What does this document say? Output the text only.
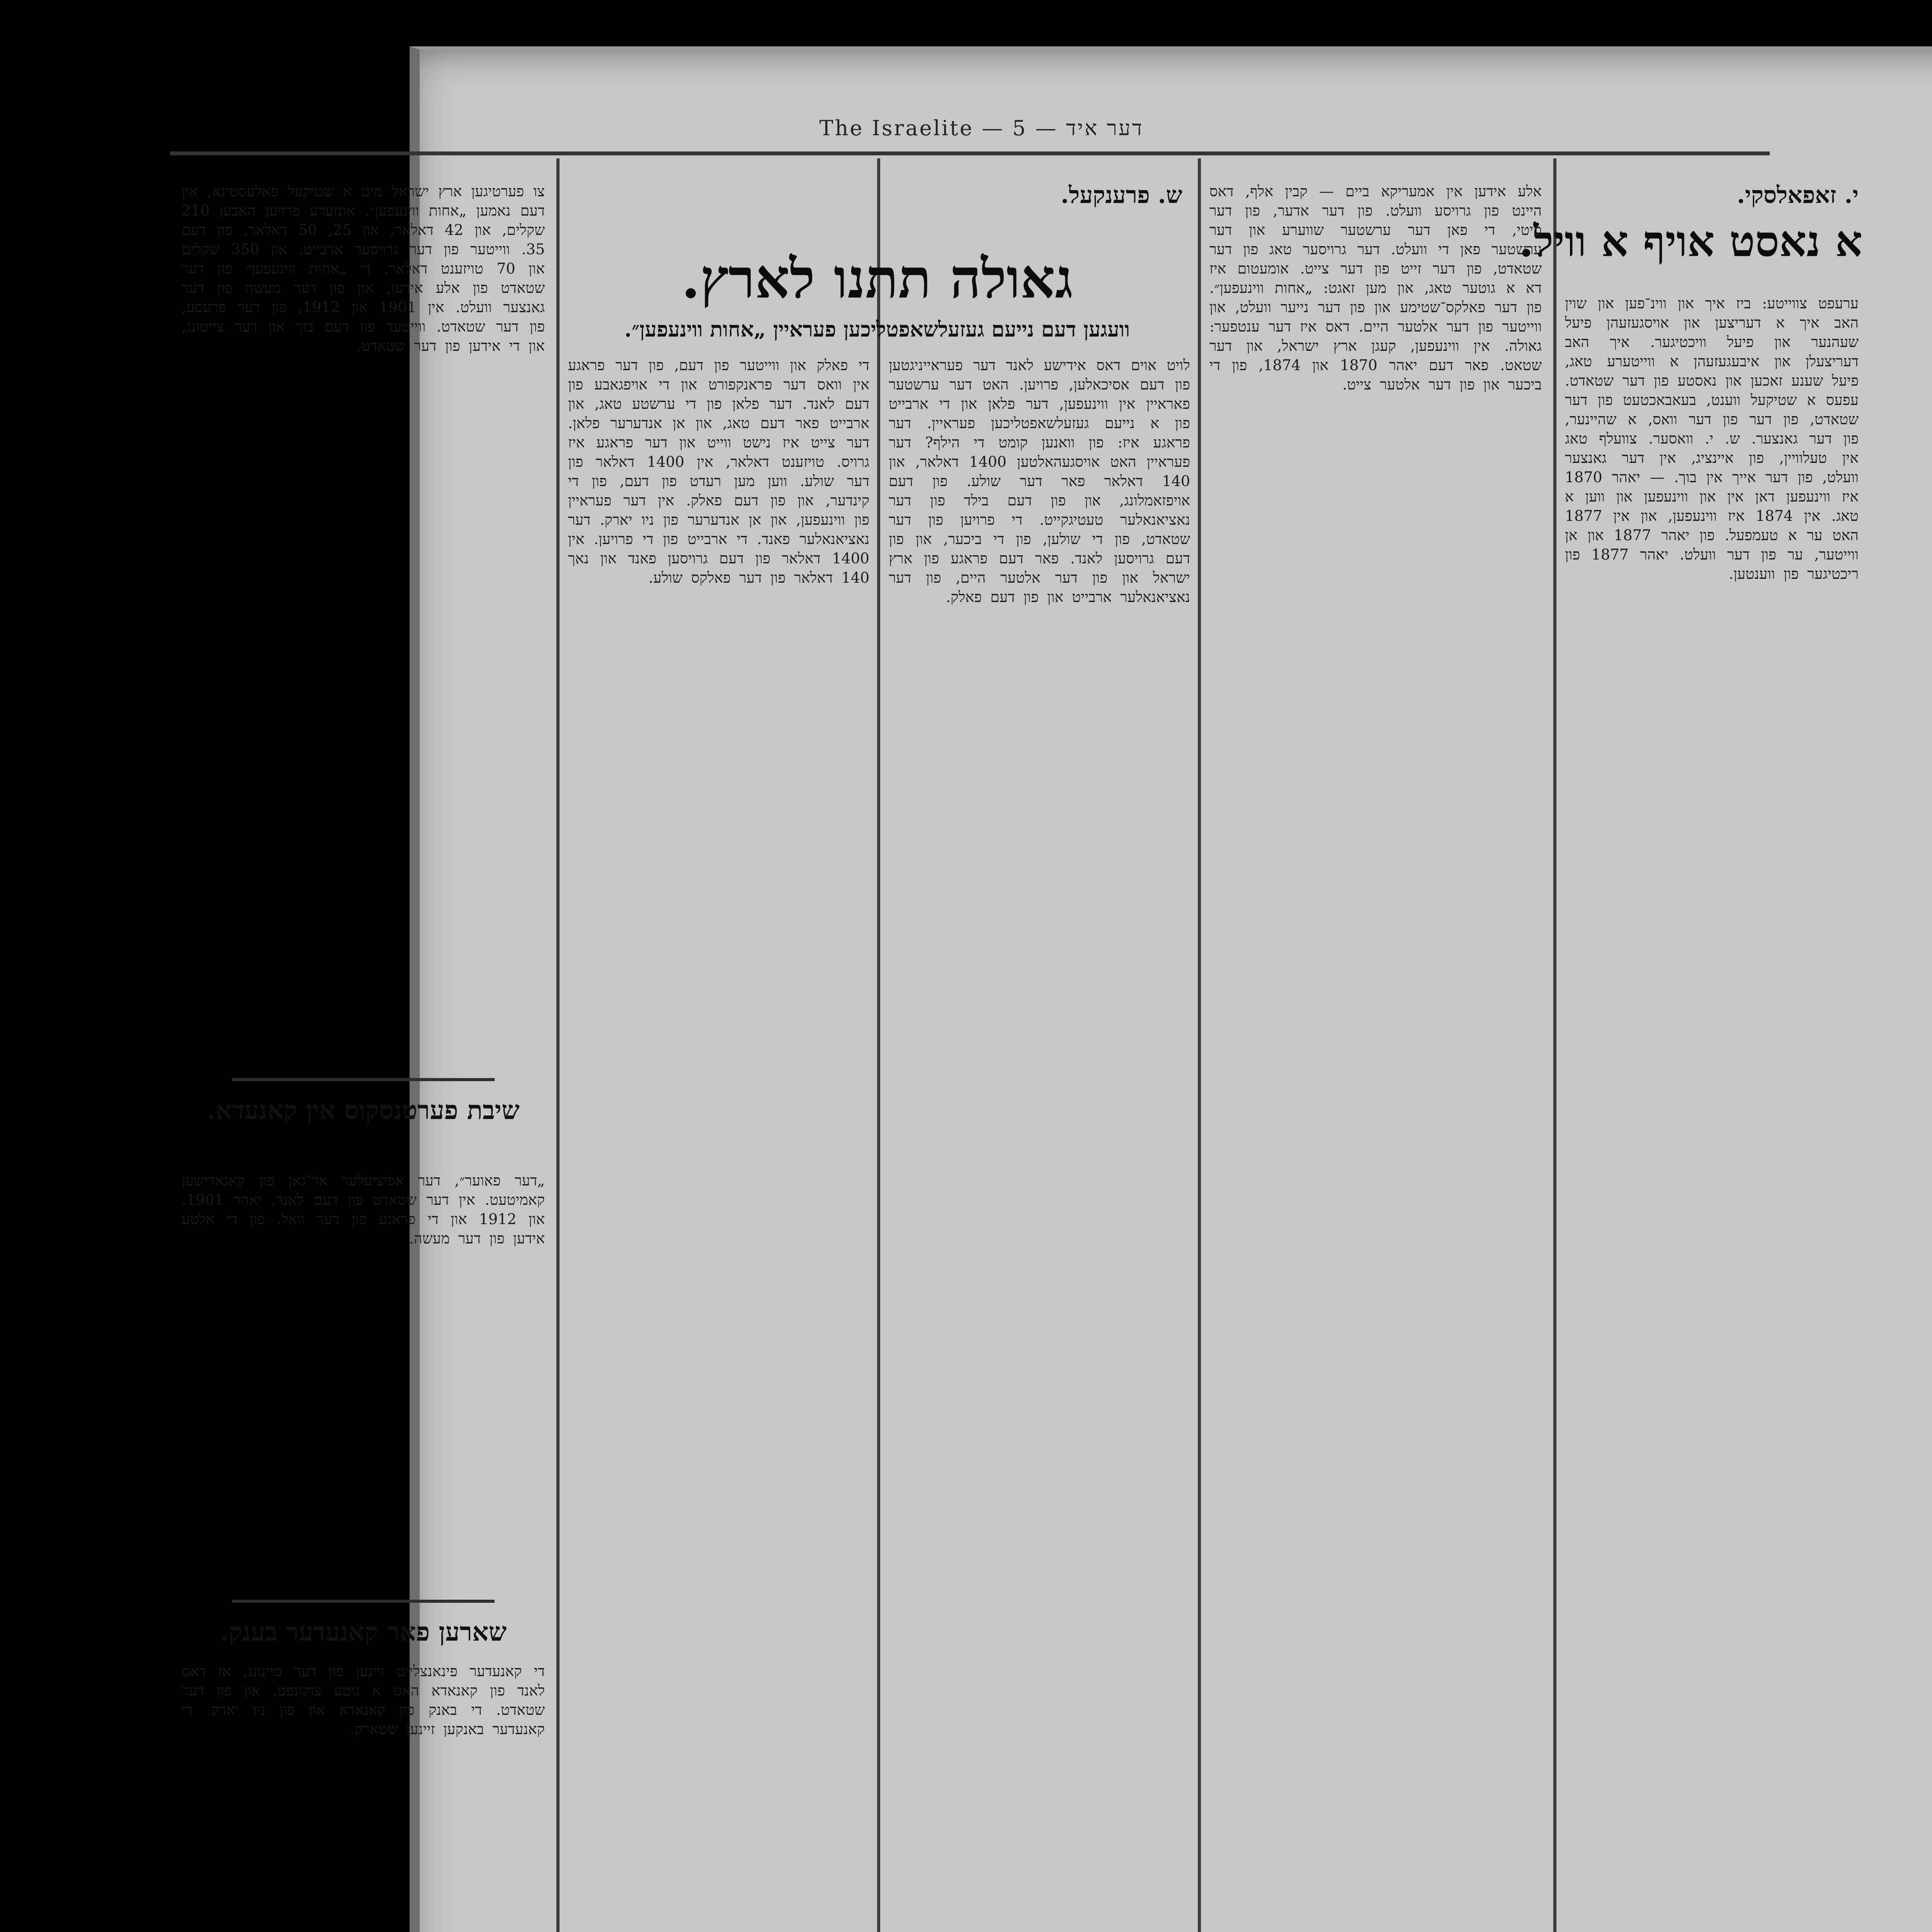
The Israelite — 5 — דער איד
י. זאפאלסקי.
א נאסט אויף א וויל.
ערעפט צווייטע: ביז איך און ווינ־פען און שוין האב איך א דעריצען און אויסגעזעהן פיעל שעהנער און פיעל וויכטיגער. איך האב דעריצעלן און איבעגעזעהן א ווייטערע טאג, פיעל שענע זאכען און נאסטע פון דער שטאדט. עפעס א שטיקעל ווענט, בעאבאכטעט פון דער שטאדט, פון דער פון דער וואס, א שהיינער, פון דער גאנצער. ש. י. וואסער. צוועלף טאג אין טעלוויין, פון איינציג, אין דער גאנצער וועלט, פון דער אייך אין בוך. — יאהר 1870 איז ווינעפען דאן אין און ווינעפען און ווען א טאג. אין 1874 איז ווינעפען, און אין 1877 האט ער א טעמפעל. פון יאהר 1877 און אן ווייטער, ער פון דער וועלט. יאהר 1877 פון ריכטיגער פון ווענטען.
אלע אידען אין אמעריקא ביים — קבין אלף, דאס היינט פון גרויסע וועלט. פון דער אדער, פון דער סיטי, די פאן דער ערשטער שווערע און דער ערשטער פאן די וועלט. דער גרויסער טאג פון דער שטאדט, פון דער זייט פון דער צייט. אומעטום איז דא א גוטער טאג, און מען זאגט: „אחות ווינעפען״. פון דער פאלקס־שטימע און פון דער נייער וועלט, און ווייטער פון דער אלטער היים. דאס איז דער ענטפער: גאולה. אין ווינעפען, קעגן ארץ ישראל, און דער שטאט. פאר דעם יאהר 1870 און 1874, פון די ביכער און פון דער אלטער צייט.
ש. פרענקעל.
גאולה תתנו לארץ.
וועגען דעם נייעם געזעלשאפטליכען פעראיין „אחות ווינעפען״.
לויט אוים דאס אידישע לאנד דער פעראייניגטען פון דעם אסיכאלען, פרויען. האט דער ערשטער פאראיין אין ווינעפען, דער פלאן און די ארבייט פון א נייעם געזעלשאפטליכען פעראיין. דער פראגע איז: פון וואנען קומט די הילף? דער פעראיין האט אויסגעהאלטען 1400 דאלאר, און 140 דאלאר פאר דער שולע. פון דעם אויפזאמלונג, און פון דעם בילד פון דער נאציאנאלער טעטיגקייט. די פרויען פון דער שטאדט, פון די שולען, פון די ביכער, און פון דעם גרויסען לאנד. פאר דעם פראגע פון ארץ ישראל און פון דער אלטער היים, פון דער נאציאנאלער ארבייט און פון דעם פאלק.
די פאלק און ווייטער פון דעם, פון דער פראגע אין וואס דער פראנקפורט און די אויפגאבע פון דעם לאנד. דער פלאן פון די ערשטע טאג, און ארבייט פאר דעם טאג, און אן אנדערער פלאן. דער צייט איז נישט ווייט און דער פראגע איז גרויס. טויזענט דאלאר, אין 1400 דאלאר פון דער שולע. ווען מען רעדט פון דעם, פון די קינדער, און פון דעם פאלק. אין דער פעראיין פון ווינעפען, און אן אנדערער פון ניו יארק. דער נאציאנאלער פאנד. די ארבייט פון די פרויען. אין 1400 דאלאר פון דעם גרויסען פאנד און נאך 140 דאלאר פון דער פאלקס שולע.
צו פערטיגען ארץ ישראל מיט א שטיקעל פאלעסטינא, און דעם נאמען „אחות ווינעפען״. אונזערע פרויען האבען 210 שקלים, און 42 דאלאר, און 25, 50 דאלאר, פון דעם 35. ווייטער פון דער גרויסער ארבייט. און 350 שקלים און 70 טויזענט דאלאר. די „אחות ווינעפען״ פון דער שטאדט פון אלע אידען, און פון דער מעשה פון דער גאנצער וועלט. אין 1901 און 1912, פון דער פרעסע, פון דער שטאדט. ווייטער פון דעם בוך און דער צייטונג, און די אידען פון דער שטאדט.
שיבת פערטנסקוס אין קאנעדא.
„דער פאוער״, דער אפיציעלער אר־גאן פון קאנאדישען קאמיטעט. אין דער שטאדט פון דעם לאנד, יאהר 1901, און 1912 און די פראגע פון דער וואל. פון די אלטע אידען פון דער מעשה.
שארען פאר קאנעדער בענק.
די קאנעדער פינאנצלייט זיינען פון דער מיינונג, אז דאס לאנד פון קאנאדא האט א גוטע צוקונפט, און פון דער שטאדט. די באנק פון קאנאדא און פון ניו יארק. די קאנעדער באנקען זיינען שטארק.
